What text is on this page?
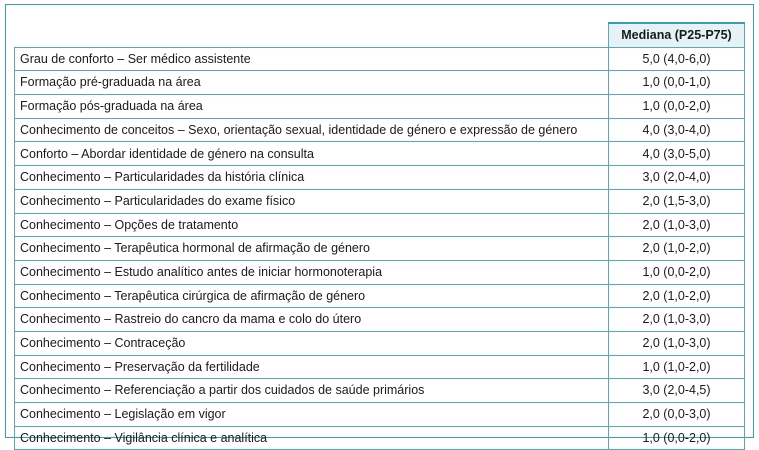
	Mediana (P25-P75)
Grau de conforto – Ser médico assistente	5,0 (4,0-6,0)
Formação pré-graduada na área	1,0 (0,0-1,0)
Formação pós-graduada na área	1,0 (0,0-2,0)
Conhecimento de conceitos – Sexo, orientação sexual, identidade de género e expressão de género	4,0 (3,0-4,0)
Conforto – Abordar identidade de género na consulta	4,0 (3,0-5,0)
Conhecimento – Particularidades da história clínica	3,0 (2,0-4,0)
Conhecimento – Particularidades do exame físico	2,0 (1,5-3,0)
Conhecimento – Opções de tratamento	2,0 (1,0-3,0)
Conhecimento – Terapêutica hormonal de afirmação de género	2,0 (1,0-2,0)
Conhecimento – Estudo analítico antes de iniciar hormonoterapia	1,0 (0,0-2,0)
Conhecimento – Terapêutica cirúrgica de afirmação de género	2,0 (1,0-2,0)
Conhecimento – Rastreio do cancro da mama e colo do útero	2,0 (1,0-3,0)
Conhecimento – Contraceção	2,0 (1,0-3,0)
Conhecimento – Preservação da fertilidade	1,0 (1,0-2,0)
Conhecimento – Referenciação a partir dos cuidados de saúde primários	3,0 (2,0-4,5)
Conhecimento – Legislação em vigor	2,0 (0,0-3,0)
Conhecimento – Vigilância clínica e analítica	1,0 (0,0-2,0)
